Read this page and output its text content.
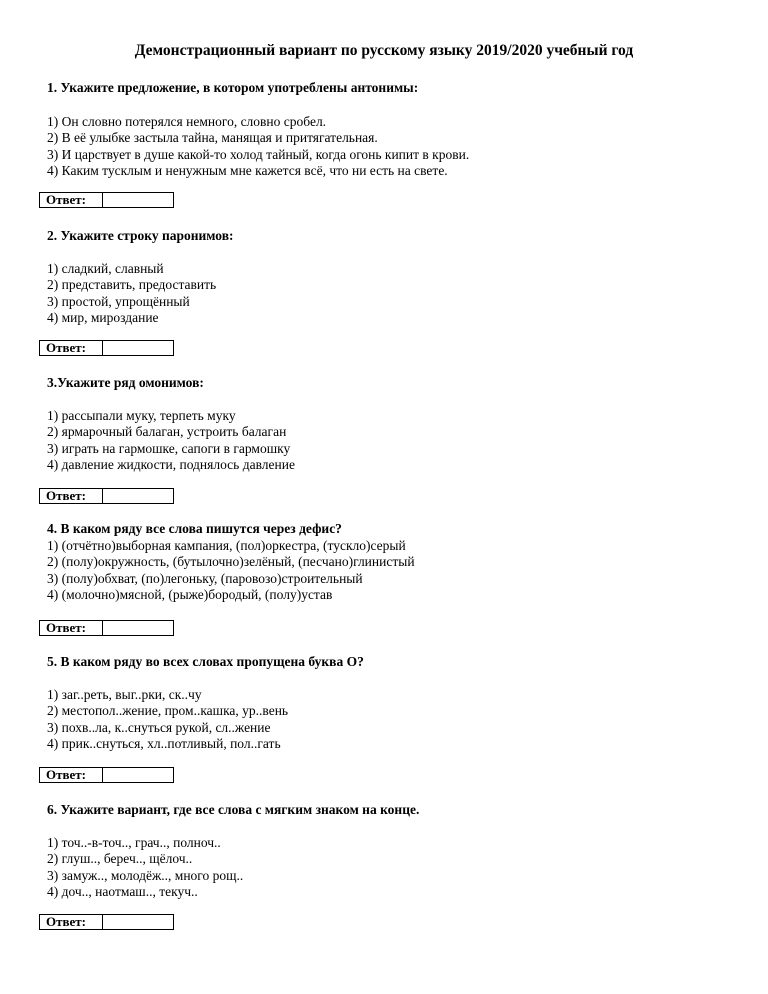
Демонстрационный вариант по русскому языку 2019/2020 учебный год
1. Укажите предложение, в котором употреблены антонимы:
1) Он словно потерялся немного, словно сробел.
2) В её улыбке застыла тайна, манящая и притягательная.
3) И царствует в душе какой-то холод тайный, когда огонь кипит в крови.
4) Каким тусклым и ненужным мне кажется всё, что ни есть на свете.
Ответ:
2. Укажите строку паронимов:
1) сладкий, славный
2) представить, предоставить
3) простой, упрощённый
4) мир, мироздание
Ответ:
3.Укажите ряд омонимов:
1) рассыпали муку, терпеть муку
2) ярмарочный балаган, устроить балаган
3) играть на гармошке, сапоги в гармошку
4) давление жидкости, поднялось давление
Ответ:
4. В каком ряду все слова пишутся через дефис?
1) (отчётно)выборная кампания, (пол)оркестра, (тускло)серый
2) (полу)окружность, (бутылочно)зелёный, (песчано)глинистый
3) (полу)обхват, (по)легоньку, (паровозо)строительный
4) (молочно)мясной, (рыже)бородый, (полу)устав
Ответ:
5. В каком ряду во всех словах пропущена буква О?
1) заг..реть, выг..рки, ск..чу
2) местопол..жение, пром..кашка, ур..вень
3) похв..ла, к..снуться рукой, сл..жение
4) прик..снуться, хл..потливый, пол..гать
Ответ:
6. Укажите вариант, где все слова с мягким знаком на конце.
1) точ..-в-точ.., грач.., полноч..
2) глуш.., береч.., щёлоч..
3) замуж.., молодёж.., много рощ..
4) доч.., наотмаш.., текуч..
Ответ:
